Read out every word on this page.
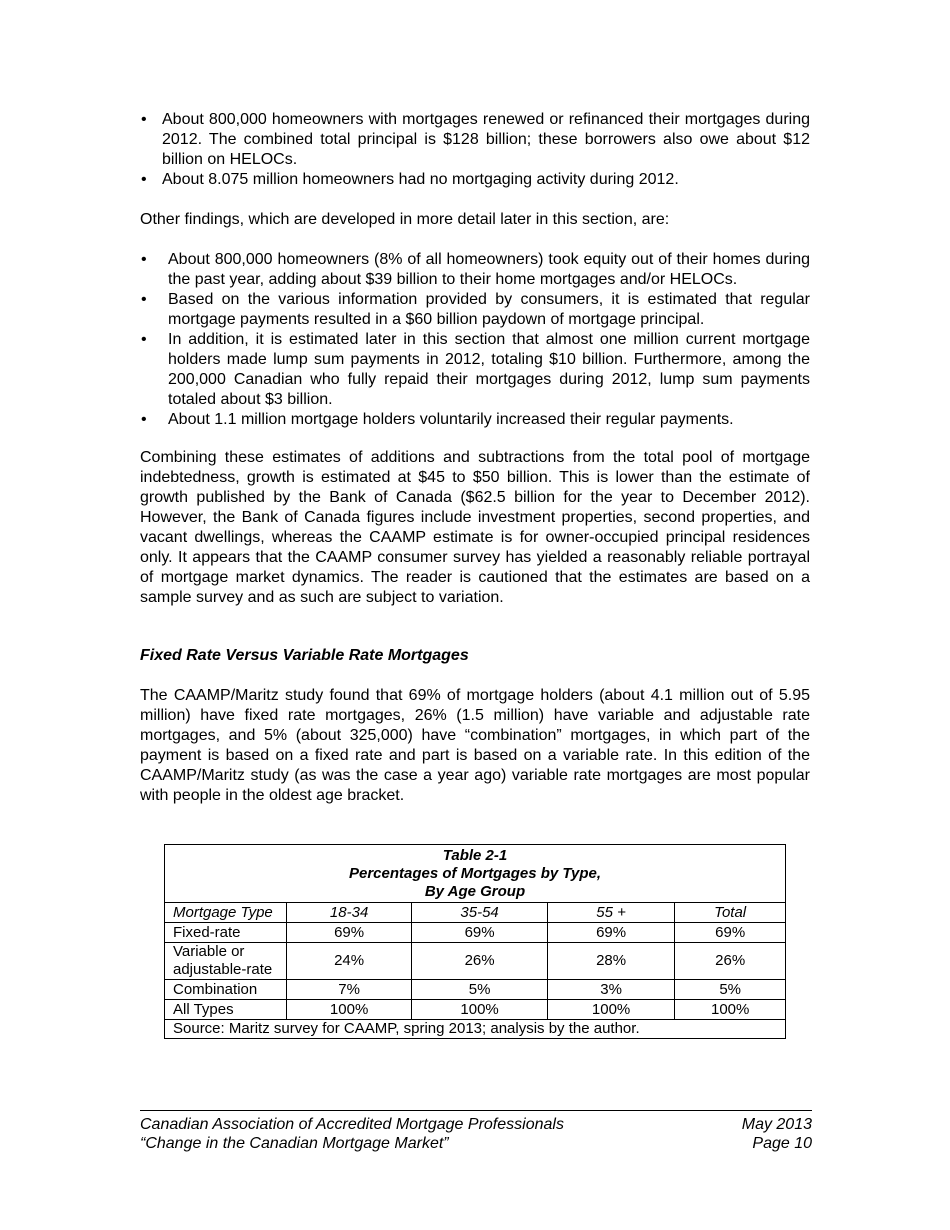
• About 800,000 homeowners with mortgages renewed or refinanced their mortgages during 2012. The combined total principal is $128 billion; these borrowers also owe about $12 billion on HELOCs.
• About 8.075 million homeowners had no mortgaging activity during 2012.

Other findings, which are developed in more detail later in this section, are:

• About 800,000 homeowners (8% of all homeowners) took equity out of their homes during the past year, adding about $39 billion to their home mortgages and/or HELOCs.
• Based on the various information provided by consumers, it is estimated that regular mortgage payments resulted in a $60 billion paydown of mortgage principal.
• In addition, it is estimated later in this section that almost one million current mortgage holders made lump sum payments in 2012, totaling $10 billion. Furthermore, among the 200,000 Canadian who fully repaid their mortgages during 2012, lump sum payments totaled about $3 billion.
• About 1.1 million mortgage holders voluntarily increased their regular payments.

Combining these estimates of additions and subtractions from the total pool of mortgage indebtedness, growth is estimated at $45 to $50 billion. This is lower than the estimate of growth published by the Bank of Canada ($62.5 billion for the year to December 2012). However, the Bank of Canada figures include investment properties, second properties, and vacant dwellings, whereas the CAAMP estimate is for owner-occupied principal residences only. It appears that the CAAMP consumer survey has yielded a reasonably reliable portrayal of mortgage market dynamics. The reader is cautioned that the estimates are based on a sample survey and as such are subject to variation.

Fixed Rate Versus Variable Rate Mortgages

The CAAMP/Maritz study found that 69% of mortgage holders (about 4.1 million out of 5.95 million) have fixed rate mortgages, 26% (1.5 million) have variable and adjustable rate mortgages, and 5% (about 325,000) have “combination” mortgages, in which part of the payment is based on a fixed rate and part is based on a variable rate. In this edition of the CAAMP/Maritz study (as was the case a year ago) variable rate mortgages are most popular with people in the oldest age bracket.

Table 2-1
Percentages of Mortgages by Type,
By Age Group				

Mortgage Type	18-34	35-54	55 +	Total
Fixed-rate	69%	69%	69%	69%
Variable or adjustable-rate	24%	26%	28%	26%
Combination	7%	5%	3%	5%
All Types	100%	100%	100%	100%
Source: Maritz survey for CAAMP, spring 2013; analysis by the author.				
Canadian Association of Accredited Mortgage Professionals	May 2013
“Change in the Canadian Mortgage Market”	Page 10
